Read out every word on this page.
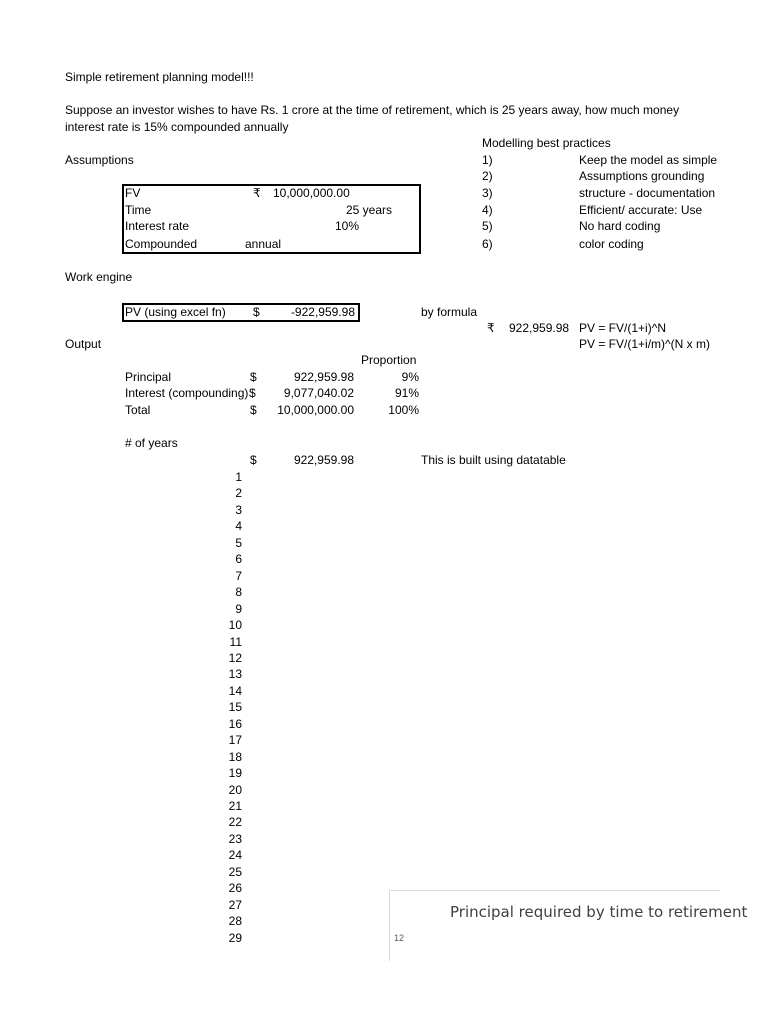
Simple retirement planning model!!!
Suppose an investor wishes to have Rs. 1 crore at the time of retirement, which is 25 years away, how much money
interest rate is 15% compounded annually
Modelling best practices
1)	Keep the model as simple
2)	Assumptions grounding
3)	structure - documentation
4)	Efficient/ accurate: Use
5)	No hard coding
6)	color coding
Assumptions
FV	₹ 10,000,000.00
Time	25 years
Interest rate	10%
Compounded	annual
Work engine
PV (using excel fn) $	-922,959.98	by formula
₹ 922,959.98 PV = FV/(1+i)^N
PV = FV/(1+i/m)^(N x m)
Output
Proportion
Principal	$	922,959.98	9%
Interest (compounding) $	9,077,040.02	91%
Total	$	10,000,000.00	100%
# of years
$	922,959.98	This is built using datatable
1
2
3
4
5
6
7
8
9
10
11
12
13
14
15
16
17
18
19
20
21
22
23
24
25
26
27
28
29
Principal required by time to retirement
12
